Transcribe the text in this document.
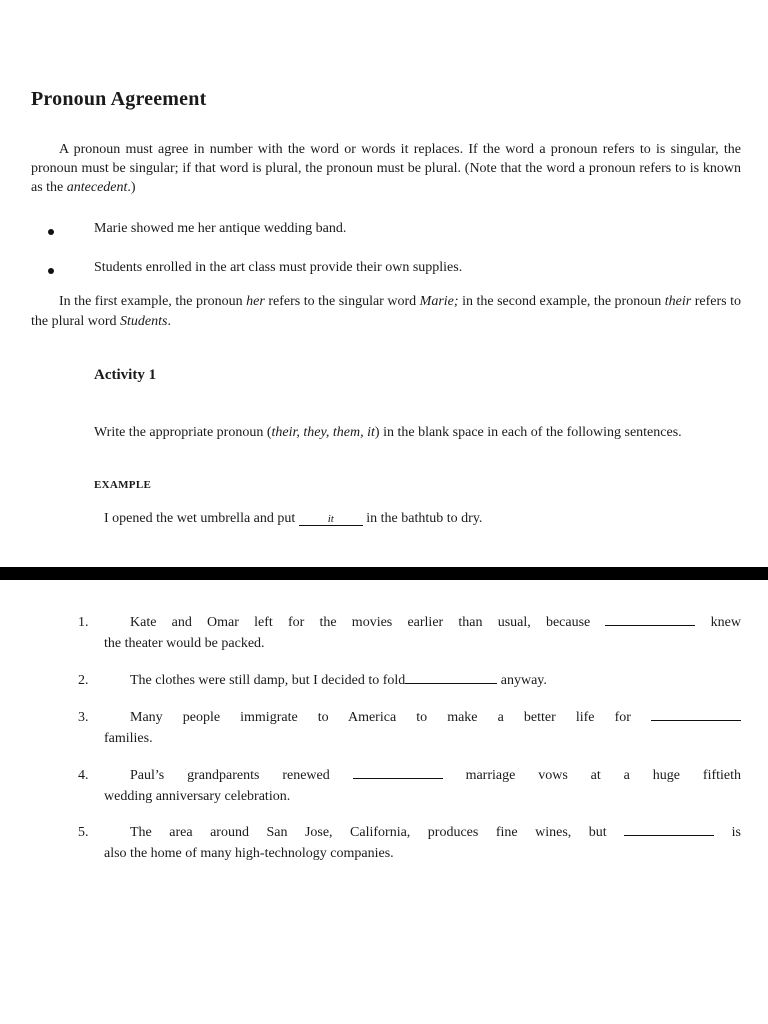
Pronoun Agreement
A pronoun must agree in number with the word or words it replaces. If the word a pronoun refers to is singular, the pronoun must be singular; if that word is plural, the pronoun must be plural. (Note that the word a pronoun refers to is known as the antecedent.)
Marie showed me her antique wedding band.
Students enrolled in the art class must provide their own supplies.
In the first example, the pronoun her refers to the singular word Marie; in the second example, the pronoun their refers to the plural word Students.
Activity 1
Write the appropriate pronoun (their, they, them, it) in the blank space in each of the following sentences.
EXAMPLE
I opened the wet umbrella and put	it in the bathtub to dry.
1.	Kate and Omar left for the movies earlier than usual, because	knew
the theater would be packed.
2.	The clothes were still damp, but I decided to fold	anyway.
3.	Many people immigrate to America to make a better life for
families.
4.	Paul’s grandparents renewed	marriage vows at a huge fiftieth
wedding anniversary celebration.
5.	The area around San Jose, California, produces fine wines, but	is
also the home of many high-technology companies.
